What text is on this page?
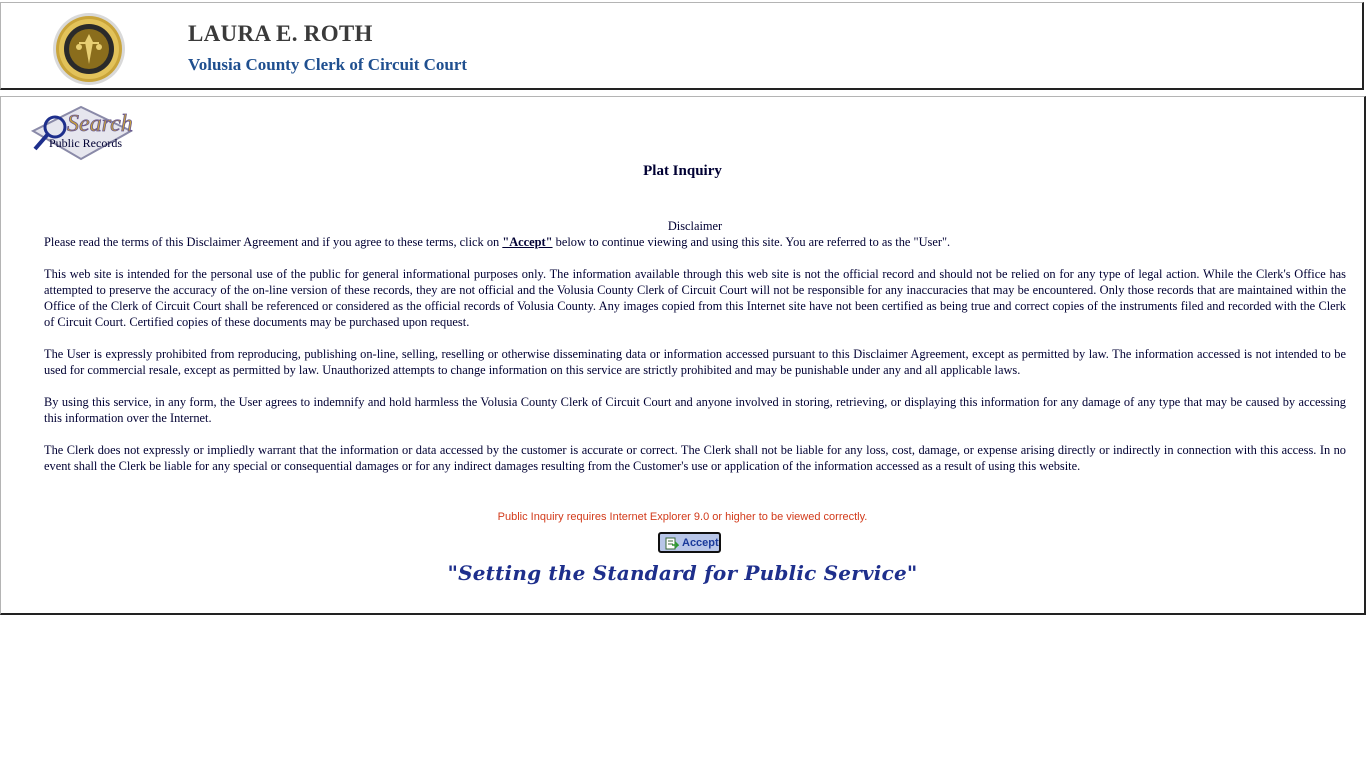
LAURA E. ROTH
Volusia County Clerk of Circuit Court
Search
Public Records
Plat Inquiry
Disclaimer

Please read the terms of this Disclaimer Agreement and if you agree to these terms, click on "Accept" below to continue viewing and using this site. You are referred to as the "User".

This web site is intended for the personal use of the public for general informational purposes only. The information available through this web site is not the official record and should not be relied on for any type of legal action. While the Clerk's Office has attempted to preserve the accuracy of the on-line version of these records, they are not official and the Volusia County Clerk of Circuit Court will not be responsible for any inaccuracies that may be encountered. Only those records that are maintained within the Office of the Clerk of Circuit Court shall be referenced or considered as the official records of Volusia County. Any images copied from this Internet site have not been certified as being true and correct copies of the instruments filed and recorded with the Clerk of Circuit Court. Certified copies of these documents may be purchased upon request.

The User is expressly prohibited from reproducing, publishing on-line, selling, reselling or otherwise disseminating data or information accessed pursuant to this Disclaimer Agreement, except as permitted by law. The information accessed is not intended to be used for commercial resale, except as permitted by law. Unauthorized attempts to change information on this service are strictly prohibited and may be punishable under any and all applicable laws.

By using this service, in any form, the User agrees to indemnify and hold harmless the Volusia County Clerk of Circuit Court and anyone involved in storing, retrieving, or displaying this information for any damage of any type that may be caused by accessing this information over the Internet.

The Clerk does not expressly or impliedly warrant that the information or data accessed by the customer is accurate or correct. The Clerk shall not be liable for any loss, cost, damage, or expense arising directly or indirectly in connection with this access. In no event shall the Clerk be liable for any special or consequential damages or for any indirect damages resulting from the Customer's use or application of the information accessed as a result of using this website.

Public Inquiry requires Internet Explorer 9.0 or higher to be viewed correctly.

Accept

"Setting the Standard for Public Service"
